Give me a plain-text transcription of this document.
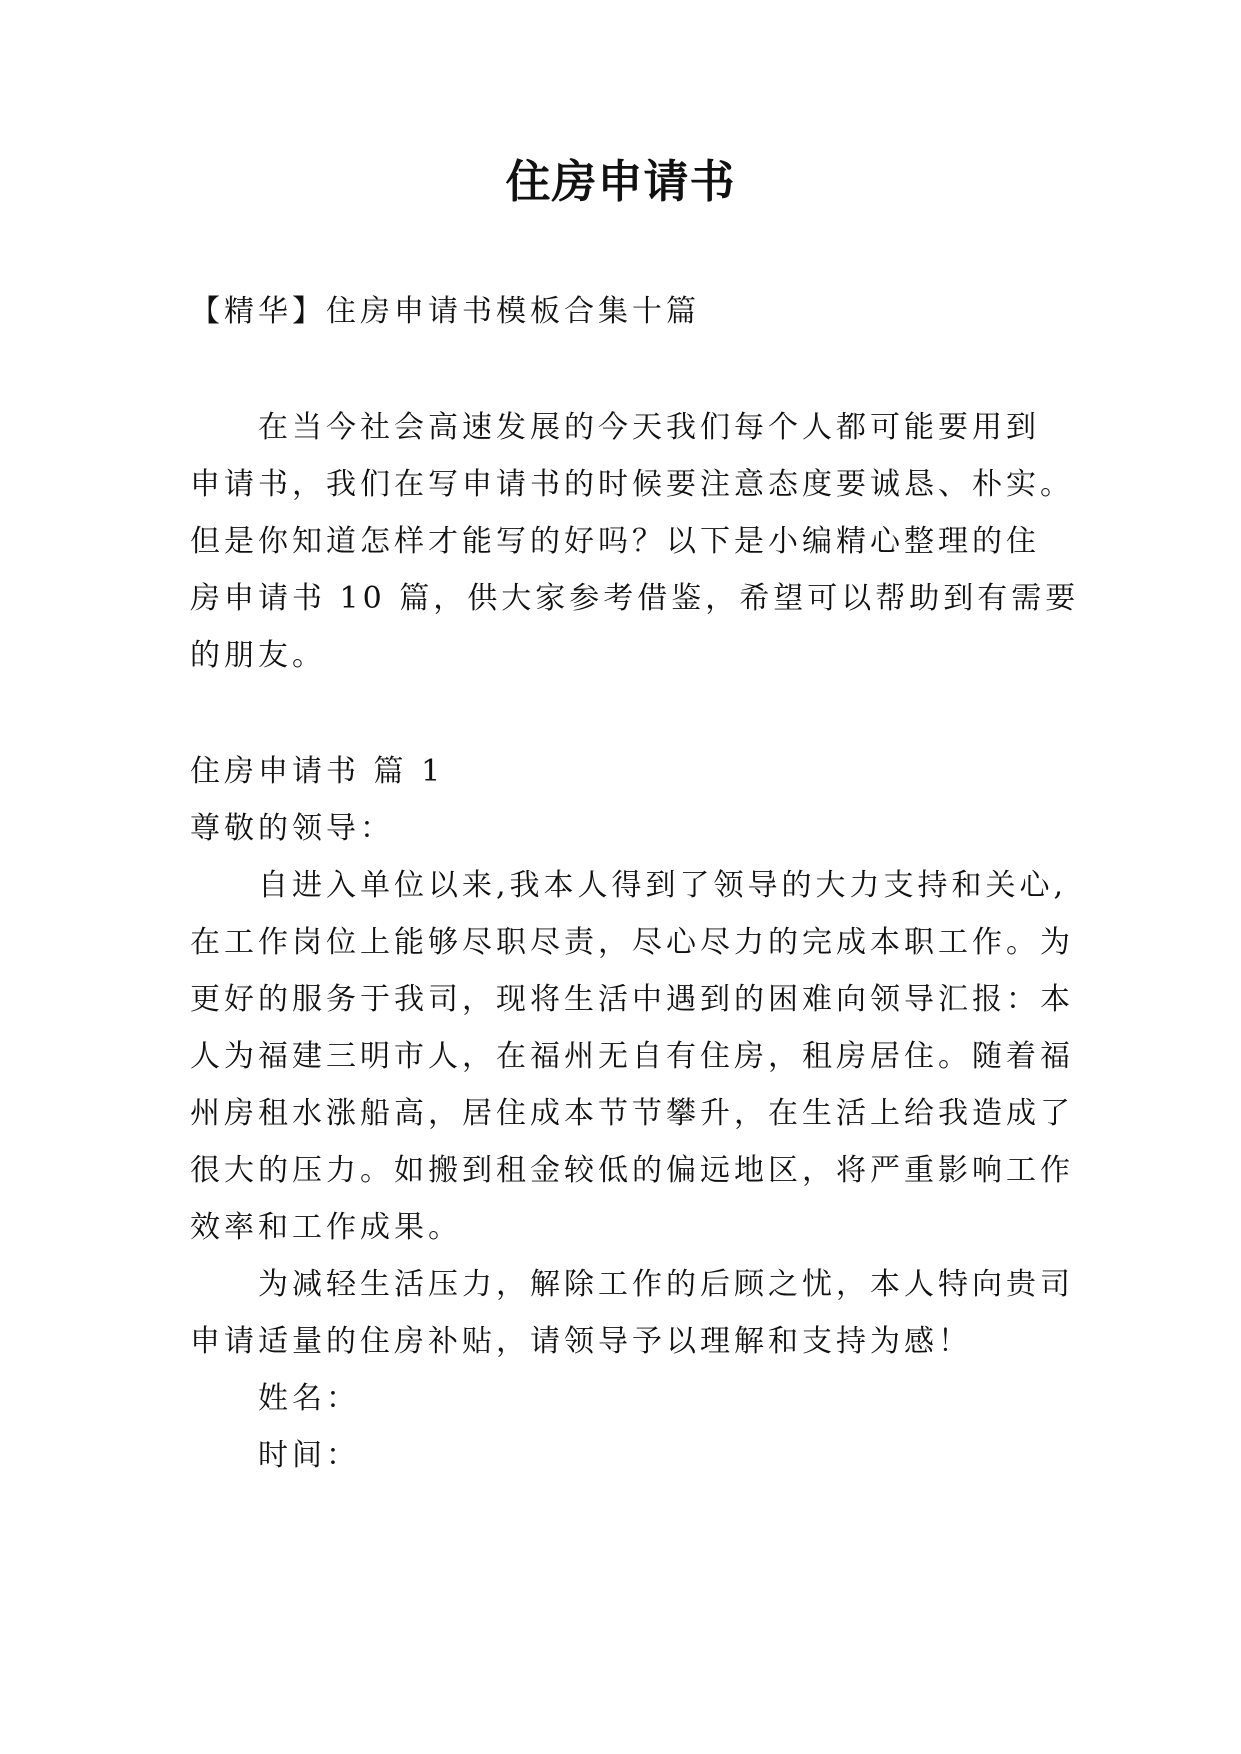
住房申请书
【精华】住房申请书模板合集十篇
在当今社会高速发展的今天我们每个人都可能要用到
申请书，我们在写申请书的时候要注意态度要诚恳、朴实。
但是你知道怎样才能写的好吗？以下是小编精心整理的住
房申请书 10 篇，供大家参考借鉴，希望可以帮助到有需要
的朋友。
住房申请书 篇 1
尊敬的领导：
自进入单位以来,我本人得到了领导的大力支持和关心,
在工作岗位上能够尽职尽责，尽心尽力的完成本职工作。为
更好的服务于我司，现将生活中遇到的困难向领导汇报：本
人为福建三明市人，在福州无自有住房，租房居住。随着福
州房租水涨船高，居住成本节节攀升，在生活上给我造成了
很大的压力。如搬到租金较低的偏远地区，将严重影响工作
效率和工作成果。
为减轻生活压力，解除工作的后顾之忧，本人特向贵司
申请适量的住房补贴，请领导予以理解和支持为感！
姓名：
时间：
